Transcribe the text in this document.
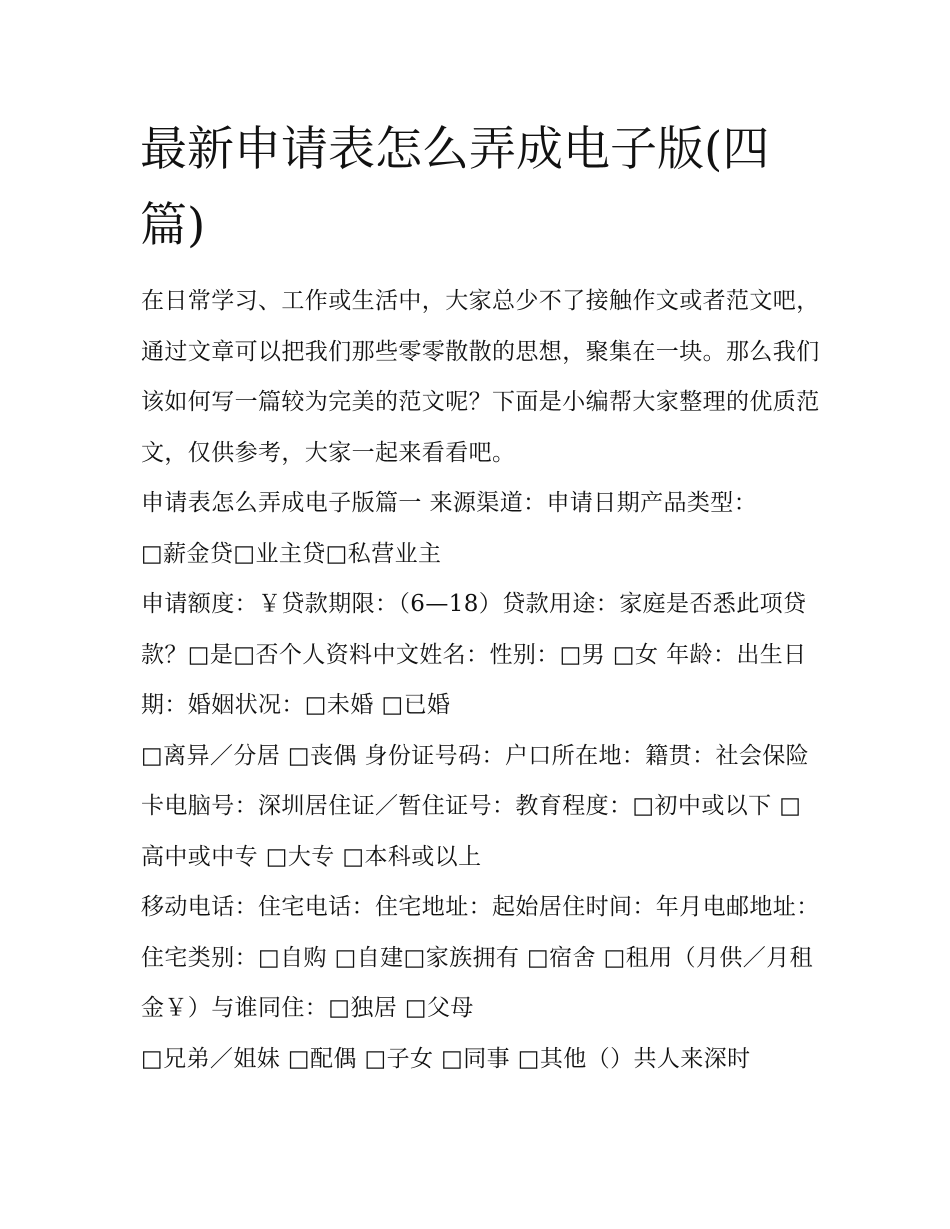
最新申请表怎么弄成电子版(四篇)

在日常学习、工作或生活中，大家总少不了接触作文或者范文吧，通过文章可以把我们那些零零散散的思想，聚集在一块。那么我们该如何写一篇较为完美的范文呢？下面是小编帮大家整理的优质范文，仅供参考，大家一起来看看吧。

申请表怎么弄成电子版篇一 来源渠道：申请日期产品类型：

□薪金贷□业主贷□私营业主

申请额度：￥贷款期限：（6—18）贷款用途：家庭是否悉此项贷款？□是□否个人资料中文姓名：性别：□男 □女 年龄：出生日期：婚姻状况：□未婚 □已婚

□离异／分居 □丧偶 身份证号码：户口所在地：籍贯：社会保险卡电脑号：深圳居住证／暂住证号：教育程度：□初中或以下 □高中或中专 □大专 □本科或以上

移动电话：住宅电话：住宅地址：起始居住时间：年月电邮地址：住宅类别：□自购 □自建□家族拥有 □宿舍 □租用（月供／月租金￥）与谁同住：□独居 □父母

□兄弟／姐妹 □配偶 □子女 □同事 □其他（）共人来深时
